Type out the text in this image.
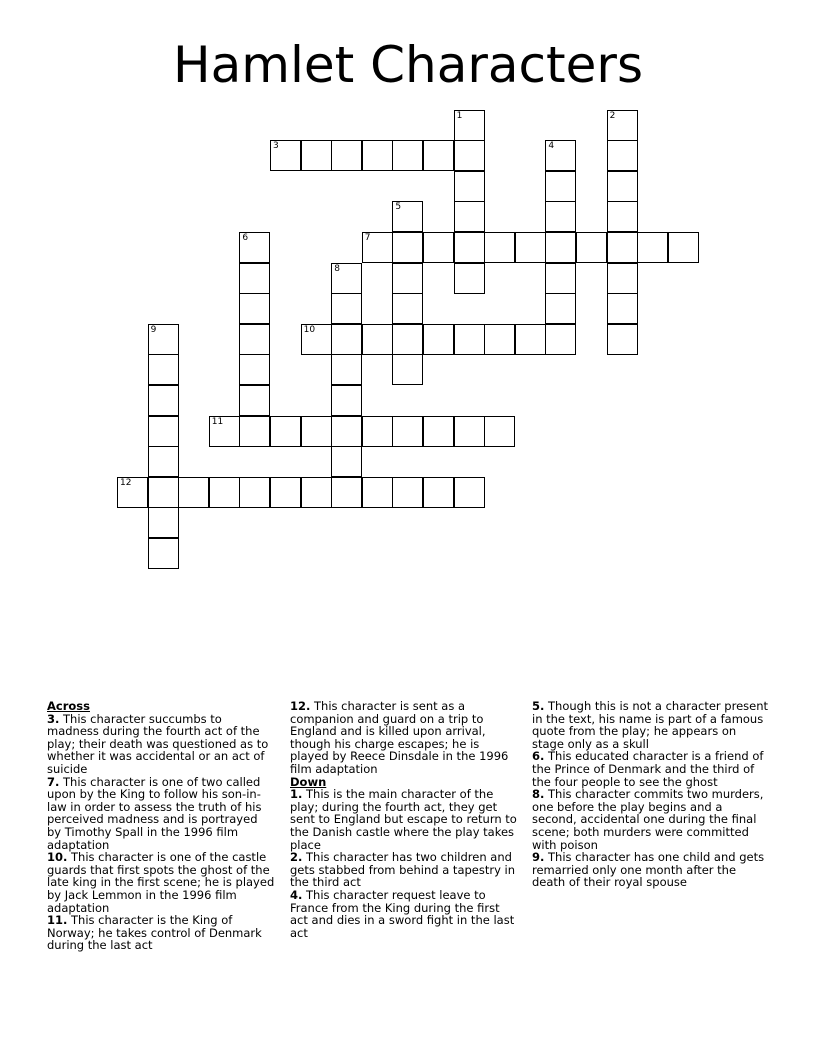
Hamlet Characters
1	2
3	4
5
6	7
8
9	10
11
12
Across
3. This character succumbs to madness during the fourth act of the play; their death was questioned as to whether it was accidental or an act of suicide
7. This character is one of two called upon by the King to follow his son-in-law in order to assess the truth of his perceived madness and is portrayed by Timothy Spall in the 1996 film adaptation
10. This character is one of the castle guards that first spots the ghost of the late king in the first scene; he is played by Jack Lemmon in the 1996 film adaptation
11. This character is the King of Norway; he takes control of Denmark during the last act
12. This character is sent as a companion and guard on a trip to England and is killed upon arrival, though his charge escapes; he is played by Reece Dinsdale in the 1996 film adaptation
Down
1. This is the main character of the play; during the fourth act, they get sent to England but escape to return to the Danish castle where the play takes place
2. This character has two children and gets stabbed from behind a tapestry in the third act
4. This character request leave to France from the King during the first act and dies in a sword fight in the last act
5. Though this is not a character present in the text, his name is part of a famous quote from the play; he appears on stage only as a skull
6. This educated character is a friend of the Prince of Denmark and the third of the four people to see the ghost
8. This character commits two murders, one before the play begins and a second, accidental one during the final scene; both murders were committed with poison
9. This character has one child and gets remarried only one month after the death of their royal spouse
